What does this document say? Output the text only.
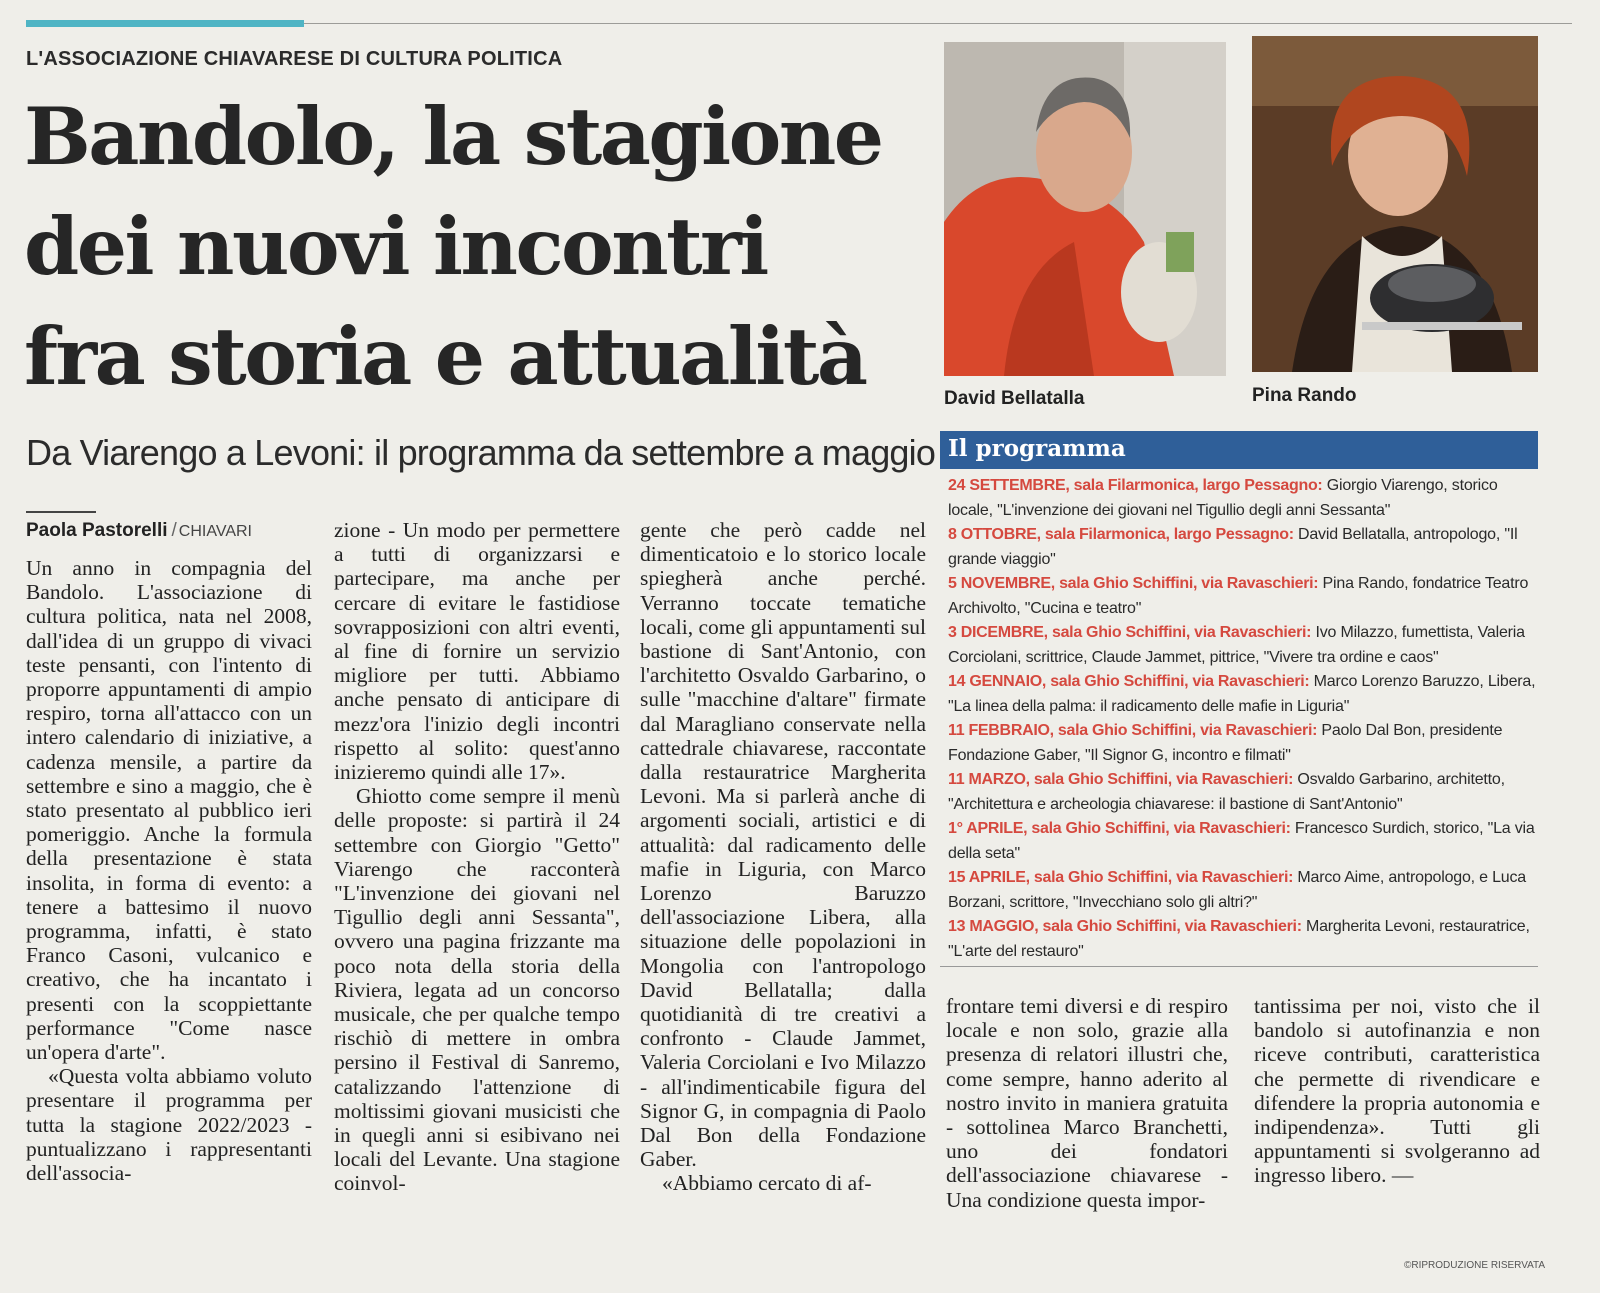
L'ASSOCIAZIONE CHIAVARESE DI CULTURA POLITICA
Bandolo, la stagione
dei nuovi incontri
fra storia e attualità
Da Viarengo a Levoni: il programma da settembre a maggio
Paola Pastorelli / CHIAVARI

Un anno in compagnia del Bandolo. L'associazione di cultura politica, nata nel 2008, dall'idea di un gruppo di vivaci teste pensanti, con l'intento di proporre appuntamenti di ampio respiro, torna all'attacco con un intero calendario di iniziative, a cadenza mensile, a partire da settembre e sino a maggio, che è stato presentato al pubblico ieri pomeriggio. Anche la formula della presentazione è stata insolita, in forma di evento: a tenere a battesimo il nuovo programma, infatti, è stato Franco Casoni, vulcanico e creativo, che ha incantato i presenti con la scoppiettante performance "Come nasce un'opera d'arte".

«Questa volta abbiamo voluto presentare il programma per tutta la stagione 2022/2023 - puntualizzano i rappresentanti dell'associa-

zione - Un modo per permettere a tutti di organizzarsi e partecipare, ma anche per cercare di evitare le fastidiose sovrapposizioni con altri eventi, al fine di fornire un servizio migliore per tutti. Abbiamo anche pensato di anticipare di mezz'ora l'inizio degli incontri rispetto al solito: quest'anno inizieremo quindi alle 17».

Ghiotto come sempre il menù delle proposte: si partirà il 24 settembre con Giorgio "Getto" Viarengo che racconterà "L'invenzione dei giovani nel Tigullio degli anni Sessanta", ovvero una pagina frizzante ma poco nota della storia della Riviera, legata ad un concorso musicale, che per qualche tempo rischiò di mettere in ombra persino il Festival di Sanremo, catalizzando l'attenzione di moltissimi giovani musicisti che in quegli anni si esibivano nei locali del Levante. Una stagione coinvol-

gente che però cadde nel dimenticatoio e lo storico locale spiegherà anche perché. Verranno toccate tematiche locali, come gli appuntamenti sul bastione di Sant'Antonio, con l'architetto Osvaldo Garbarino, o sulle "macchine d'altare" firmate dal Maragliano conservate nella cattedrale chiavarese, raccontate dalla restauratrice Margherita Levoni. Ma si parlerà anche di argomenti sociali, artistici e di attualità: dal radicamento delle mafie in Liguria, con Marco Lorenzo Baruzzo dell'associazione Libera, alla situazione delle popolazioni in Mongolia con l'antropologo David Bellatalla; dalla quotidianità di tre creativi a confronto - Claude Jammet, Valeria Corciolani e Ivo Milazzo - all'indimenticabile figura del Signor G, in compagnia di Paolo Dal Bon della Fondazione Gaber.

«Abbiamo cercato di af-

David Bellatalla	Pina Rando
Il programma
24 SETTEMBRE, sala Filarmonica, largo Pessagno: Giorgio Viarengo, storico locale, "L'invenzione dei giovani nel Tigullio degli anni Sessanta"
8 OTTOBRE, sala Filarmonica, largo Pessagno: David Bellatalla, antropologo, "Il grande viaggio"
5 NOVEMBRE, sala Ghio Schiffini, via Ravaschieri: Pina Rando, fondatrice Teatro Archivolto, "Cucina e teatro"
3 DICEMBRE, sala Ghio Schiffini, via Ravaschieri: Ivo Milazzo, fumettista, Valeria Corciolani, scrittrice, Claude Jammet, pittrice, "Vivere tra ordine e caos"
14 GENNAIO, sala Ghio Schiffini, via Ravaschieri: Marco Lorenzo Baruzzo, Libera, "La linea della palma: il radicamento delle mafie in Liguria"
11 FEBBRAIO, sala Ghio Schiffini, via Ravaschieri: Paolo Dal Bon, presidente Fondazione Gaber, "Il Signor G, incontro e filmati"
11 MARZO, sala Ghio Schiffini, via Ravaschieri: Osvaldo Garbarino, architetto, "Architettura e archeologia chiavarese: il bastione di Sant'Antonio"
1° APRILE, sala Ghio Schiffini, via Ravaschieri: Francesco Surdich, storico, "La via della seta"
15 APRILE, sala Ghio Schiffini, via Ravaschieri: Marco Aime, antropologo, e Luca Borzani, scrittore, "Invecchiano solo gli altri?"
13 MAGGIO, sala Ghio Schiffini, via Ravaschieri: Margherita Levoni, restauratrice, "L'arte del restauro"

frontare temi diversi e di respiro locale e non solo, grazie alla presenza di relatori illustri che, come sempre, hanno aderito al nostro invito in maniera gratuita - sottolinea Marco Branchetti, uno dei fondatori dell'associazione chiavarese - Una condizione questa impor-

tantissima per noi, visto che il bandolo si autofinanzia e non riceve contributi, caratteristica che permette di rivendicare e difendere la propria autonomia e indipendenza». Tutti gli appuntamenti si svolgeranno ad ingresso libero. —

©RIPRODUZIONE RISERVATA
